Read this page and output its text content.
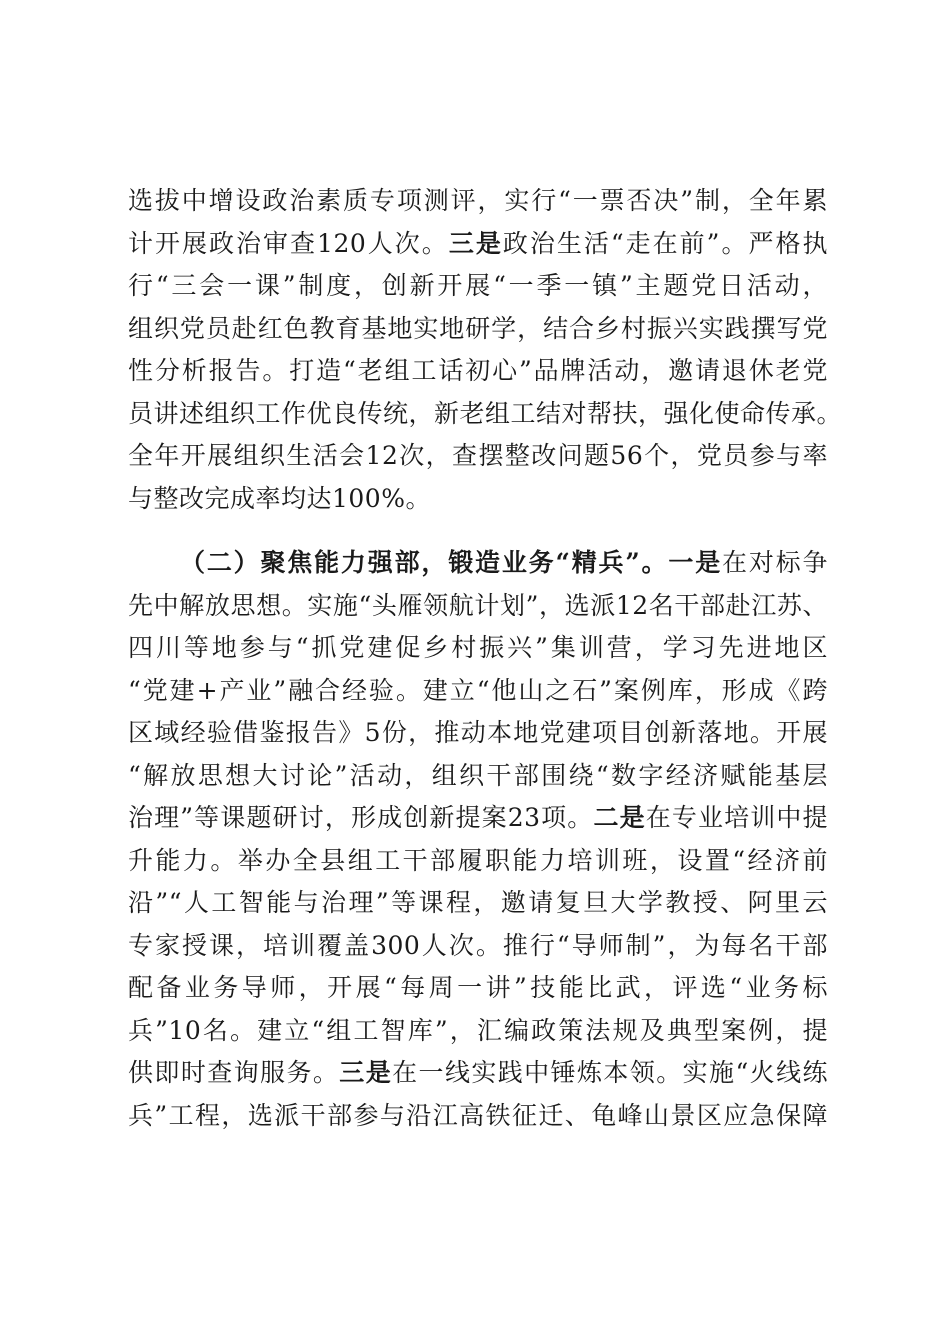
选拔中增设政治素质专项测评，实行“一票否决”制，全年累
计开展政治审查120人次。三是政治生活“走在前”。严格执
行“三会一课”制度，创新开展“一季一镇”主题党日活动，
组织党员赴红色教育基地实地研学，结合乡村振兴实践撰写党
性分析报告。打造“老组工话初心”品牌活动，邀请退休老党
员讲述组织工作优良传统，新老组工结对帮扶，强化使命传承。
全年开展组织生活会12次，查摆整改问题56个，党员参与率
与整改完成率均达100%。
（二）聚焦能力强部，锻造业务“精兵”。一是在对标争
先中解放思想。实施“头雁领航计划”，选派12名干部赴江苏、
四川等地参与“抓党建促乡村振兴”集训营，学习先进地区
“党建+产业”融合经验。建立“他山之石”案例库，形成《跨
区域经验借鉴报告》5份，推动本地党建项目创新落地。开展
“解放思想大讨论”活动，组织干部围绕“数字经济赋能基层
治理”等课题研讨，形成创新提案23项。二是在专业培训中提
升能力。举办全县组工干部履职能力培训班，设置“经济前
沿”“人工智能与治理”等课程，邀请复旦大学教授、阿里云
专家授课，培训覆盖300人次。推行“导师制”，为每名干部
配备业务导师，开展“每周一讲”技能比武，评选“业务标
兵”10名。建立“组工智库”，汇编政策法规及典型案例，提
供即时查询服务。三是在一线实践中锤炼本领。实施“火线练
兵”工程，选派干部参与沿江高铁征迁、龟峰山景区应急保障
